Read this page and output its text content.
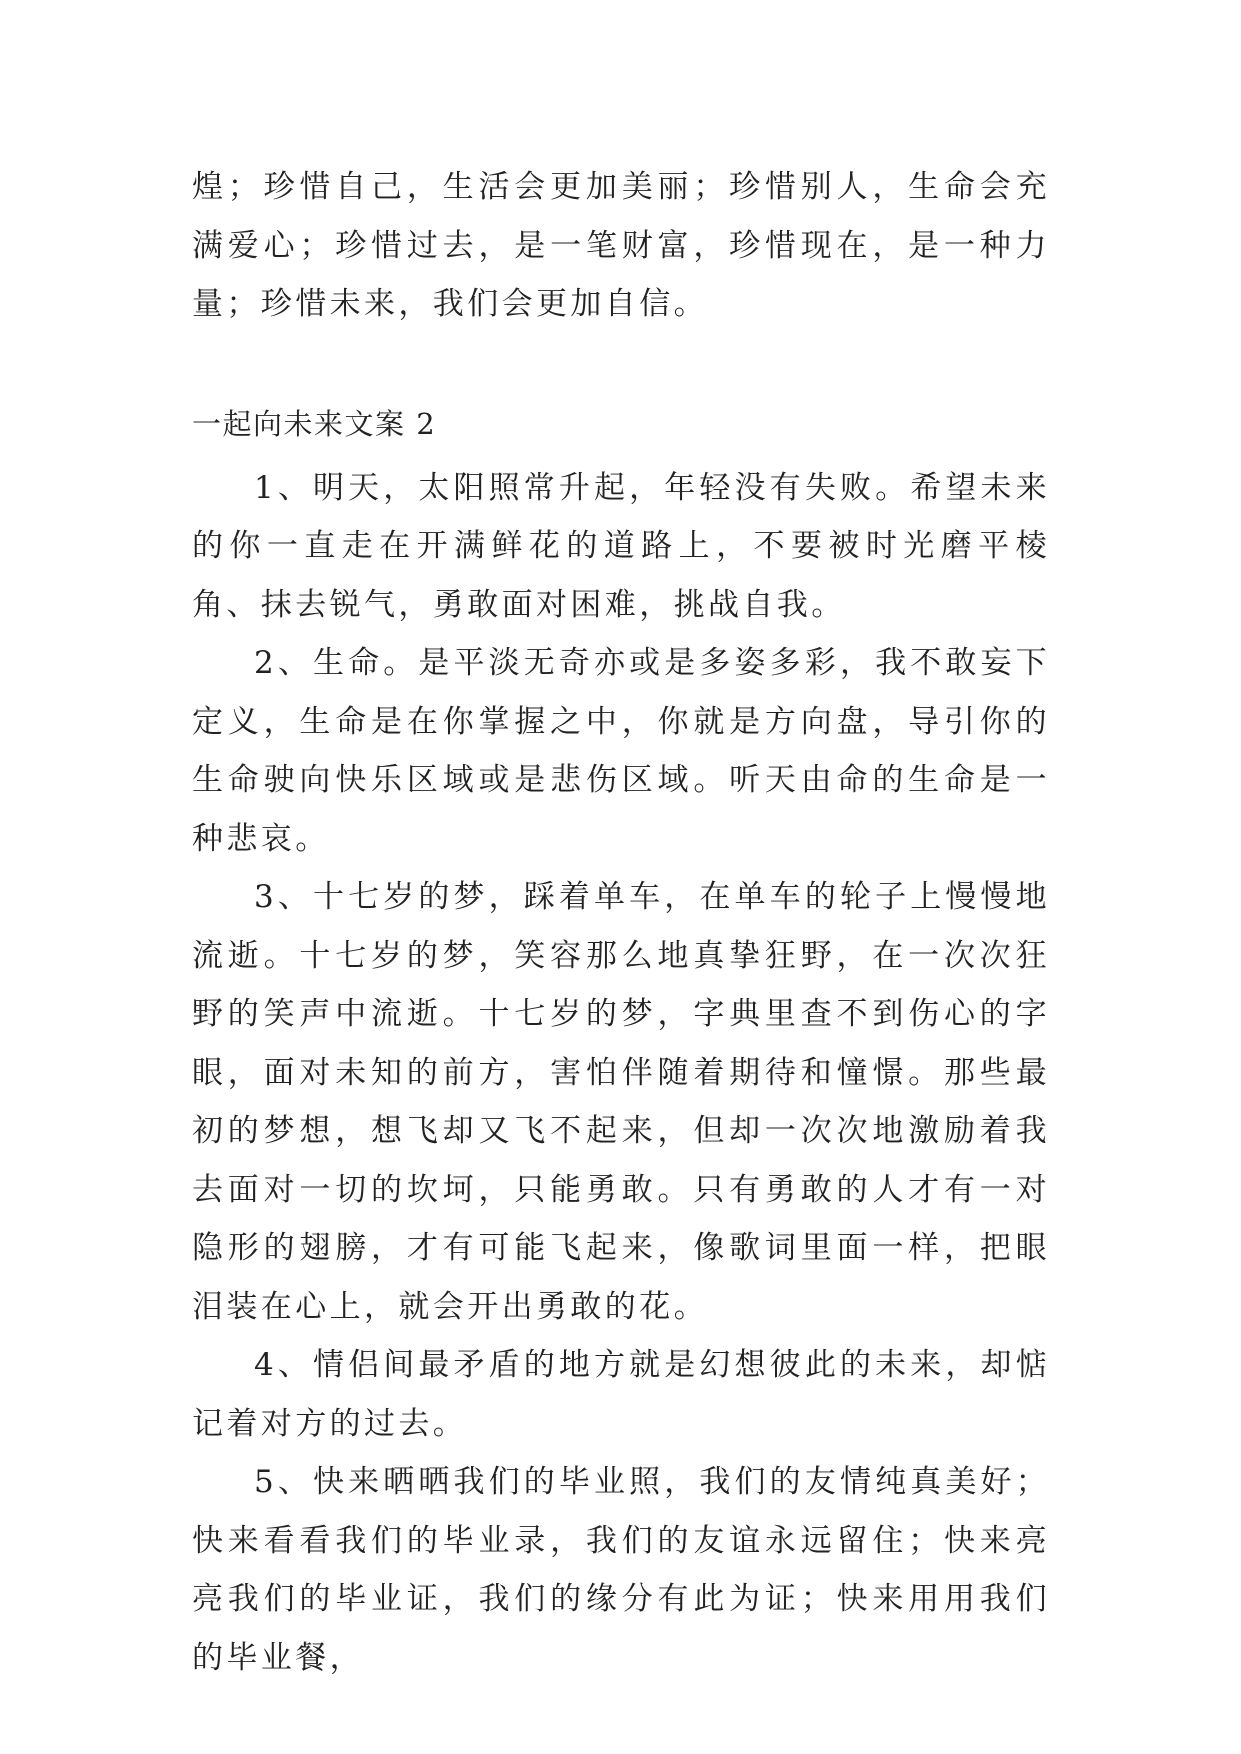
煌；珍惜自己，生活会更加美丽；珍惜别人，生命会充满爱心；珍惜过去，是一笔财富，珍惜现在，是一种力量；珍惜未来，我们会更加自信。

一起向未来文案 2

1、明天，太阳照常升起，年轻没有失败。希望未来的你一直走在开满鲜花的道路上，不要被时光磨平棱角、抹去锐气，勇敢面对困难，挑战自我。

2、生命。是平淡无奇亦或是多姿多彩，我不敢妄下定义，生命是在你掌握之中，你就是方向盘，导引你的生命驶向快乐区域或是悲伤区域。听天由命的生命是一种悲哀。

3、十七岁的梦，踩着单车，在单车的轮子上慢慢地流逝。十七岁的梦，笑容那么地真挚狂野，在一次次狂野的笑声中流逝。十七岁的梦，字典里查不到伤心的字眼，面对未知的前方，害怕伴随着期待和憧憬。那些最初的梦想，想飞却又飞不起来，但却一次次地激励着我去面对一切的坎坷，只能勇敢。只有勇敢的人才有一对隐形的翅膀，才有可能飞起来，像歌词里面一样，把眼泪装在心上，就会开出勇敢的花。

4、情侣间最矛盾的地方就是幻想彼此的未来，却惦记着对方的过去。

5、快来晒晒我们的毕业照，我们的友情纯真美好；快来看看我们的毕业录，我们的友谊永远留住；快来亮亮我们的毕业证，我们的缘分有此为证；快来用用我们的毕业餐，
